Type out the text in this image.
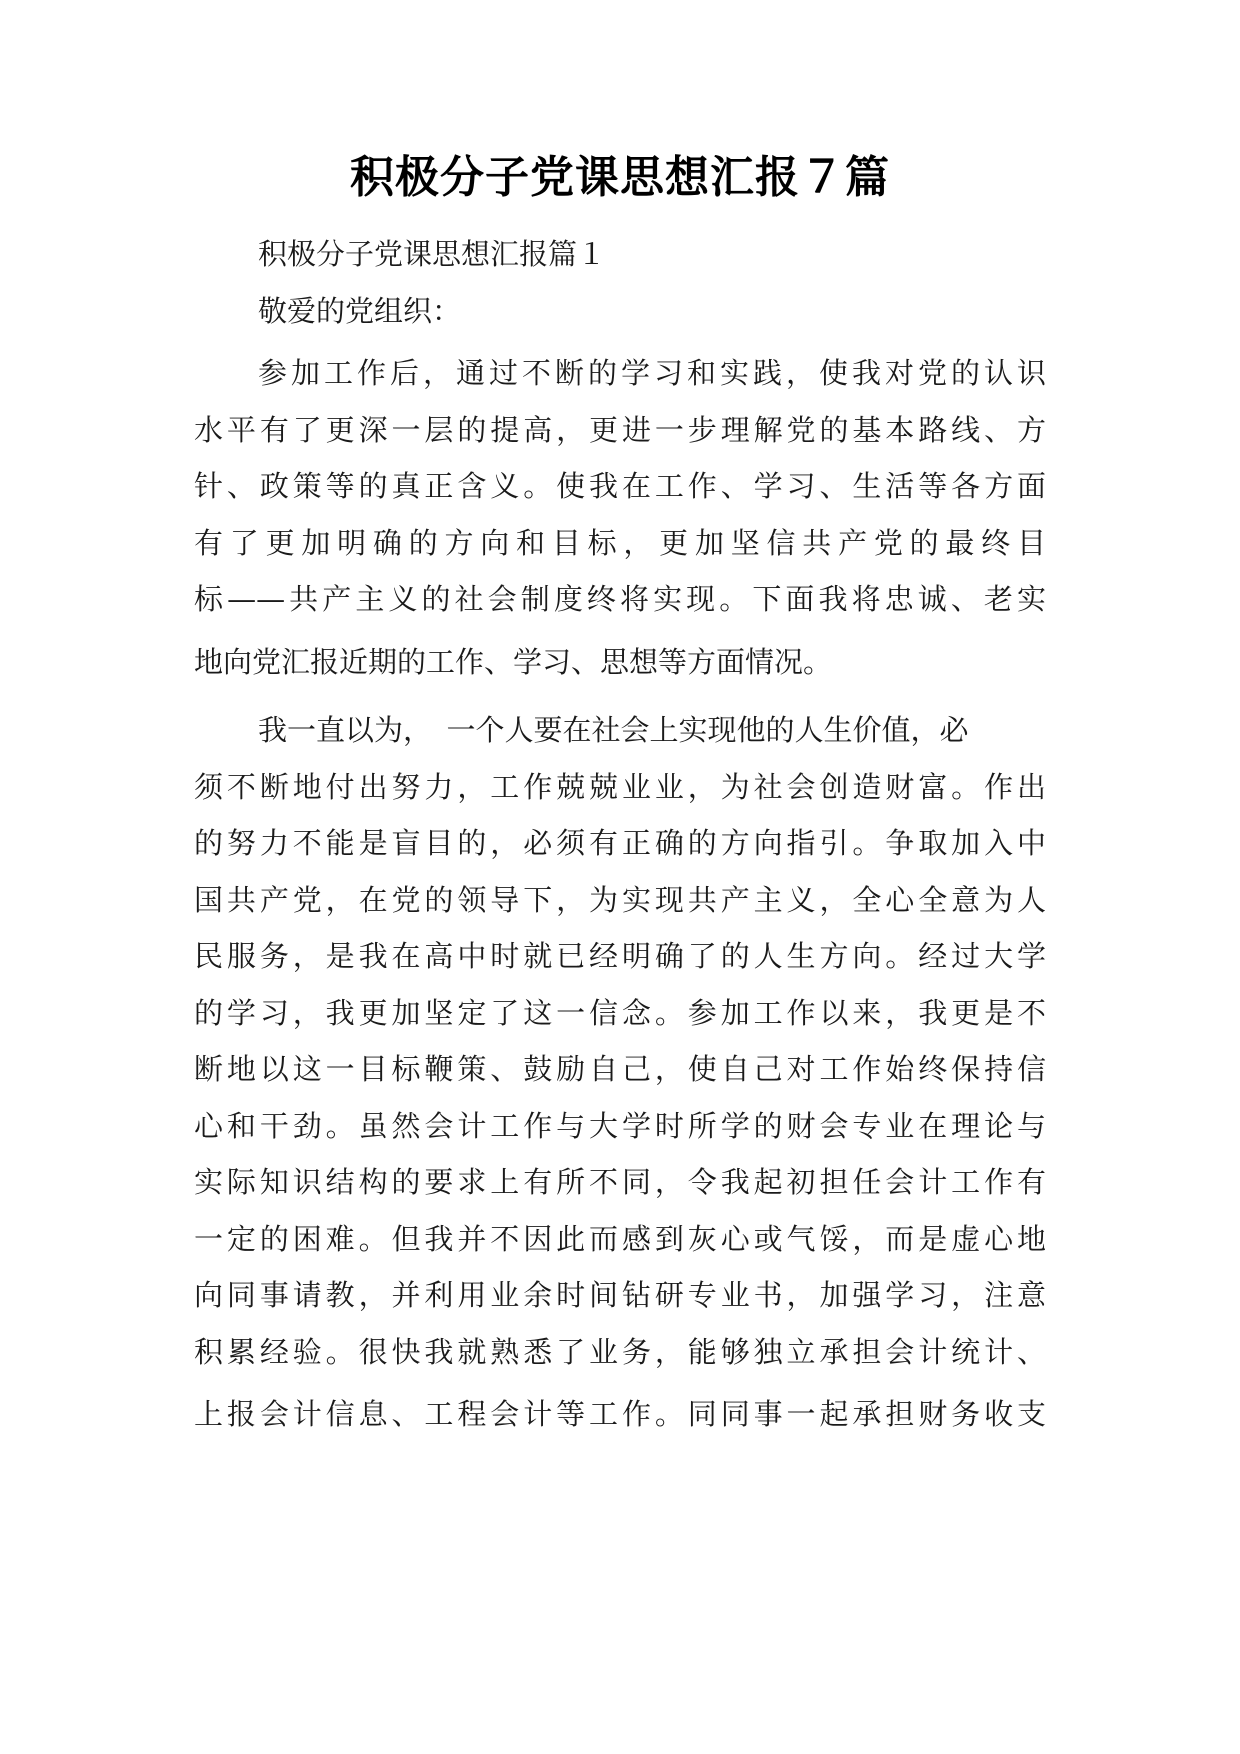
积极分子党课思想汇报７篇

积极分子党课思想汇报篇１

敬爱的党组织：

参加工作后，通过不断的学习和实践，使我对党的认识

水平有了更深一层的提高，更进一步理解党的基本路线、方

针、政策等的真正含义。使我在工作、学习、生活等各方面

有了更加明确的方向和目标，更加坚信共产党的最终目

标——共产主义的社会制度终将实现。下面我将忠诚、老实

地向党汇报近期的工作、学习、思想等方面情况。

我一直以为，　一个人要在社会上实现他的人生价值，必

须不断地付出努力，工作兢兢业业，为社会创造财富。作出

的努力不能是盲目的，必须有正确的方向指引。争取加入中

国共产党，在党的领导下，为实现共产主义，全心全意为人

民服务，是我在高中时就已经明确了的人生方向。经过大学

的学习，我更加坚定了这一信念。参加工作以来，我更是不

断地以这一目标鞭策、鼓励自己，使自己对工作始终保持信

心和干劲。虽然会计工作与大学时所学的财会专业在理论与

实际知识结构的要求上有所不同，令我起初担任会计工作有

一定的困难。但我并不因此而感到灰心或气馁，而是虚心地

向同事请教，并利用业余时间钻研专业书，加强学习，注意

积累经验。很快我就熟悉了业务，能够独立承担会计统计、

上报会计信息、工程会计等工作。同同事一起承担财务收支
